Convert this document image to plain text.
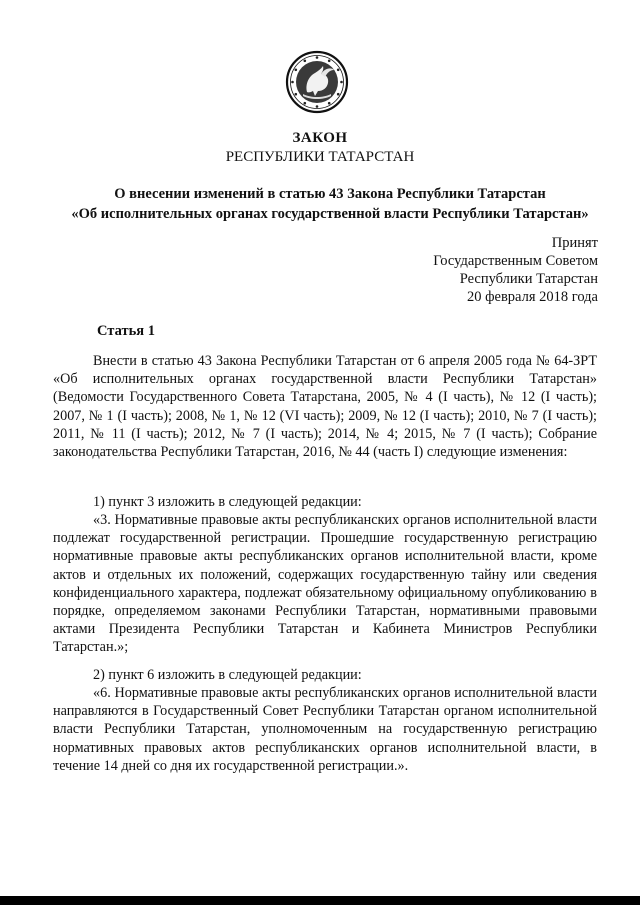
ЗАКОН
РЕСПУБЛИКИ ТАТАРСТАН
О внесении изменений в статью 43 Закона Республики Татарстан
«Об исполнительных органах государственной власти Республики Татарстан»
Принят
Государственным Советом
Республики Татарстан
20 февраля 2018 года
Статья 1

Внести в статью 43 Закона Республики Татарстан от 6 апреля 2005 года № 64-ЗРТ «Об исполнительных органах государственной власти Республики Татарстан» (Ведомости Государственного Совета Татарстана, 2005, № 4 (I часть), № 12 (I часть); 2007, № 1 (I часть); 2008, № 1, № 12 (VI часть); 2009, № 12 (I часть); 2010, № 7 (I часть); 2011, № 11 (I часть); 2012, № 7 (I часть); 2014, № 4; 2015, № 7 (I часть); Собрание законодательства Республики Татарстан, 2016, № 44 (часть I) следующие изменения:

1) пункт 3 изложить в следующей редакции:

«3. Нормативные правовые акты республиканских органов исполнительной власти подлежат государственной регистрации. Прошедшие государственную регистрацию нормативные правовые акты республиканских органов исполнительной власти, кроме актов и отдельных их положений, содержащих государственную тайну или сведения конфиденциального характера, подлежат обязательному официальному опубликованию в порядке, определяемом законами Республики Татарстан, нормативными правовыми актами Президента Республики Татарстан и Кабинета Министров Республики Татарстан.»;

2) пункт 6 изложить в следующей редакции:

«6. Нормативные правовые акты республиканских органов исполнительной власти направляются в Государственный Совет Республики Татарстан органом исполнительной власти Республики Татарстан, уполномоченным на государственную регистрацию нормативных правовых актов республиканских органов исполнительной власти, в течение 14 дней со дня их государственной регистрации.».
